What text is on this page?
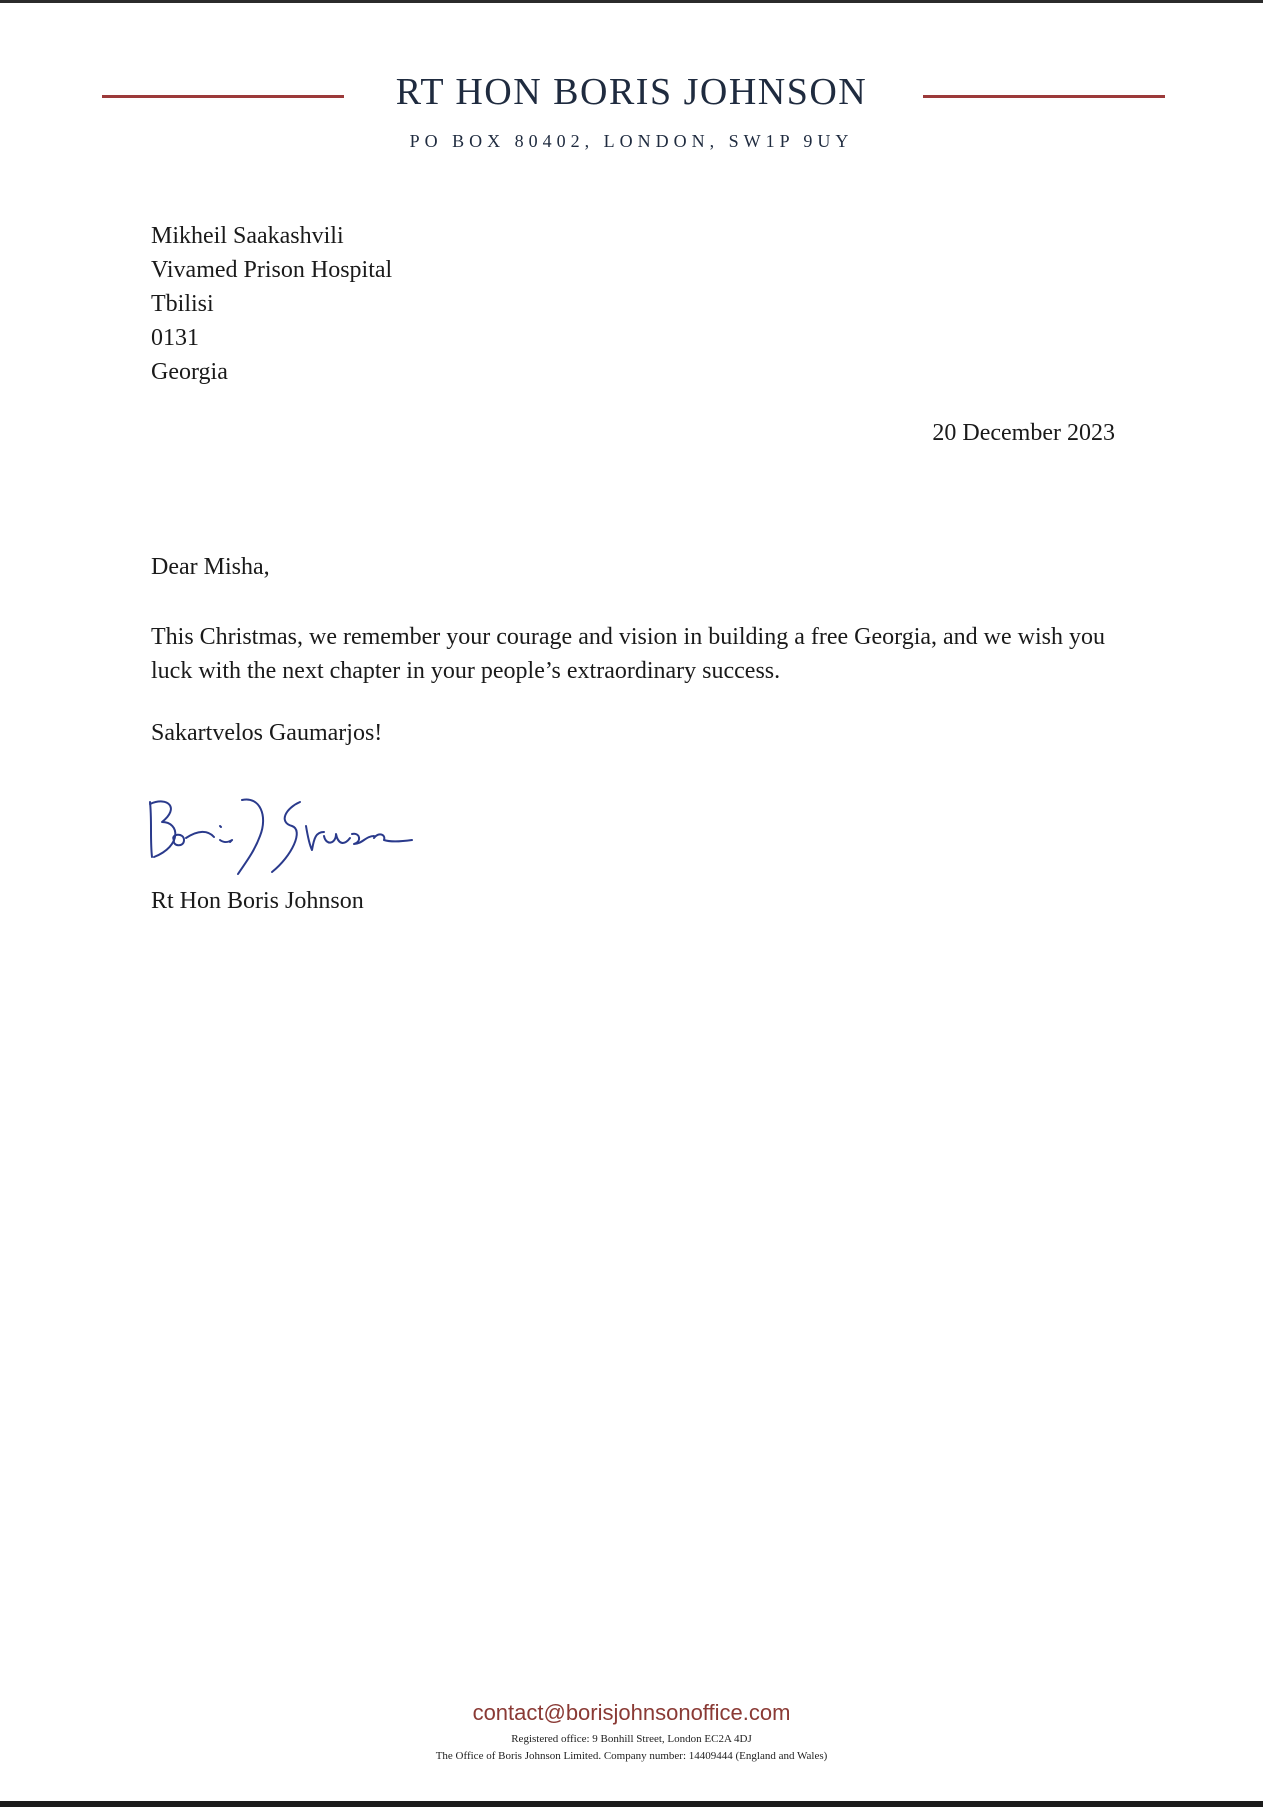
RT HON BORIS JOHNSON
PO BOX 80402, LONDON, SW1P 9UY
Mikheil Saakashvili
Vivamed Prison Hospital
Tbilisi
0131
Georgia
20 December 2023
Dear Misha,
This Christmas, we remember your courage and vision in building a free Georgia, and we wish you luck with the next chapter in your people’s extraordinary success.
Sakartvelos Gaumarjos!
Rt Hon Boris Johnson
contact@borisjohnsonoffice.com
Registered office: 9 Bonhill Street, London EC2A 4DJ
The Office of Boris Johnson Limited. Company number: 14409444 (England and Wales)
